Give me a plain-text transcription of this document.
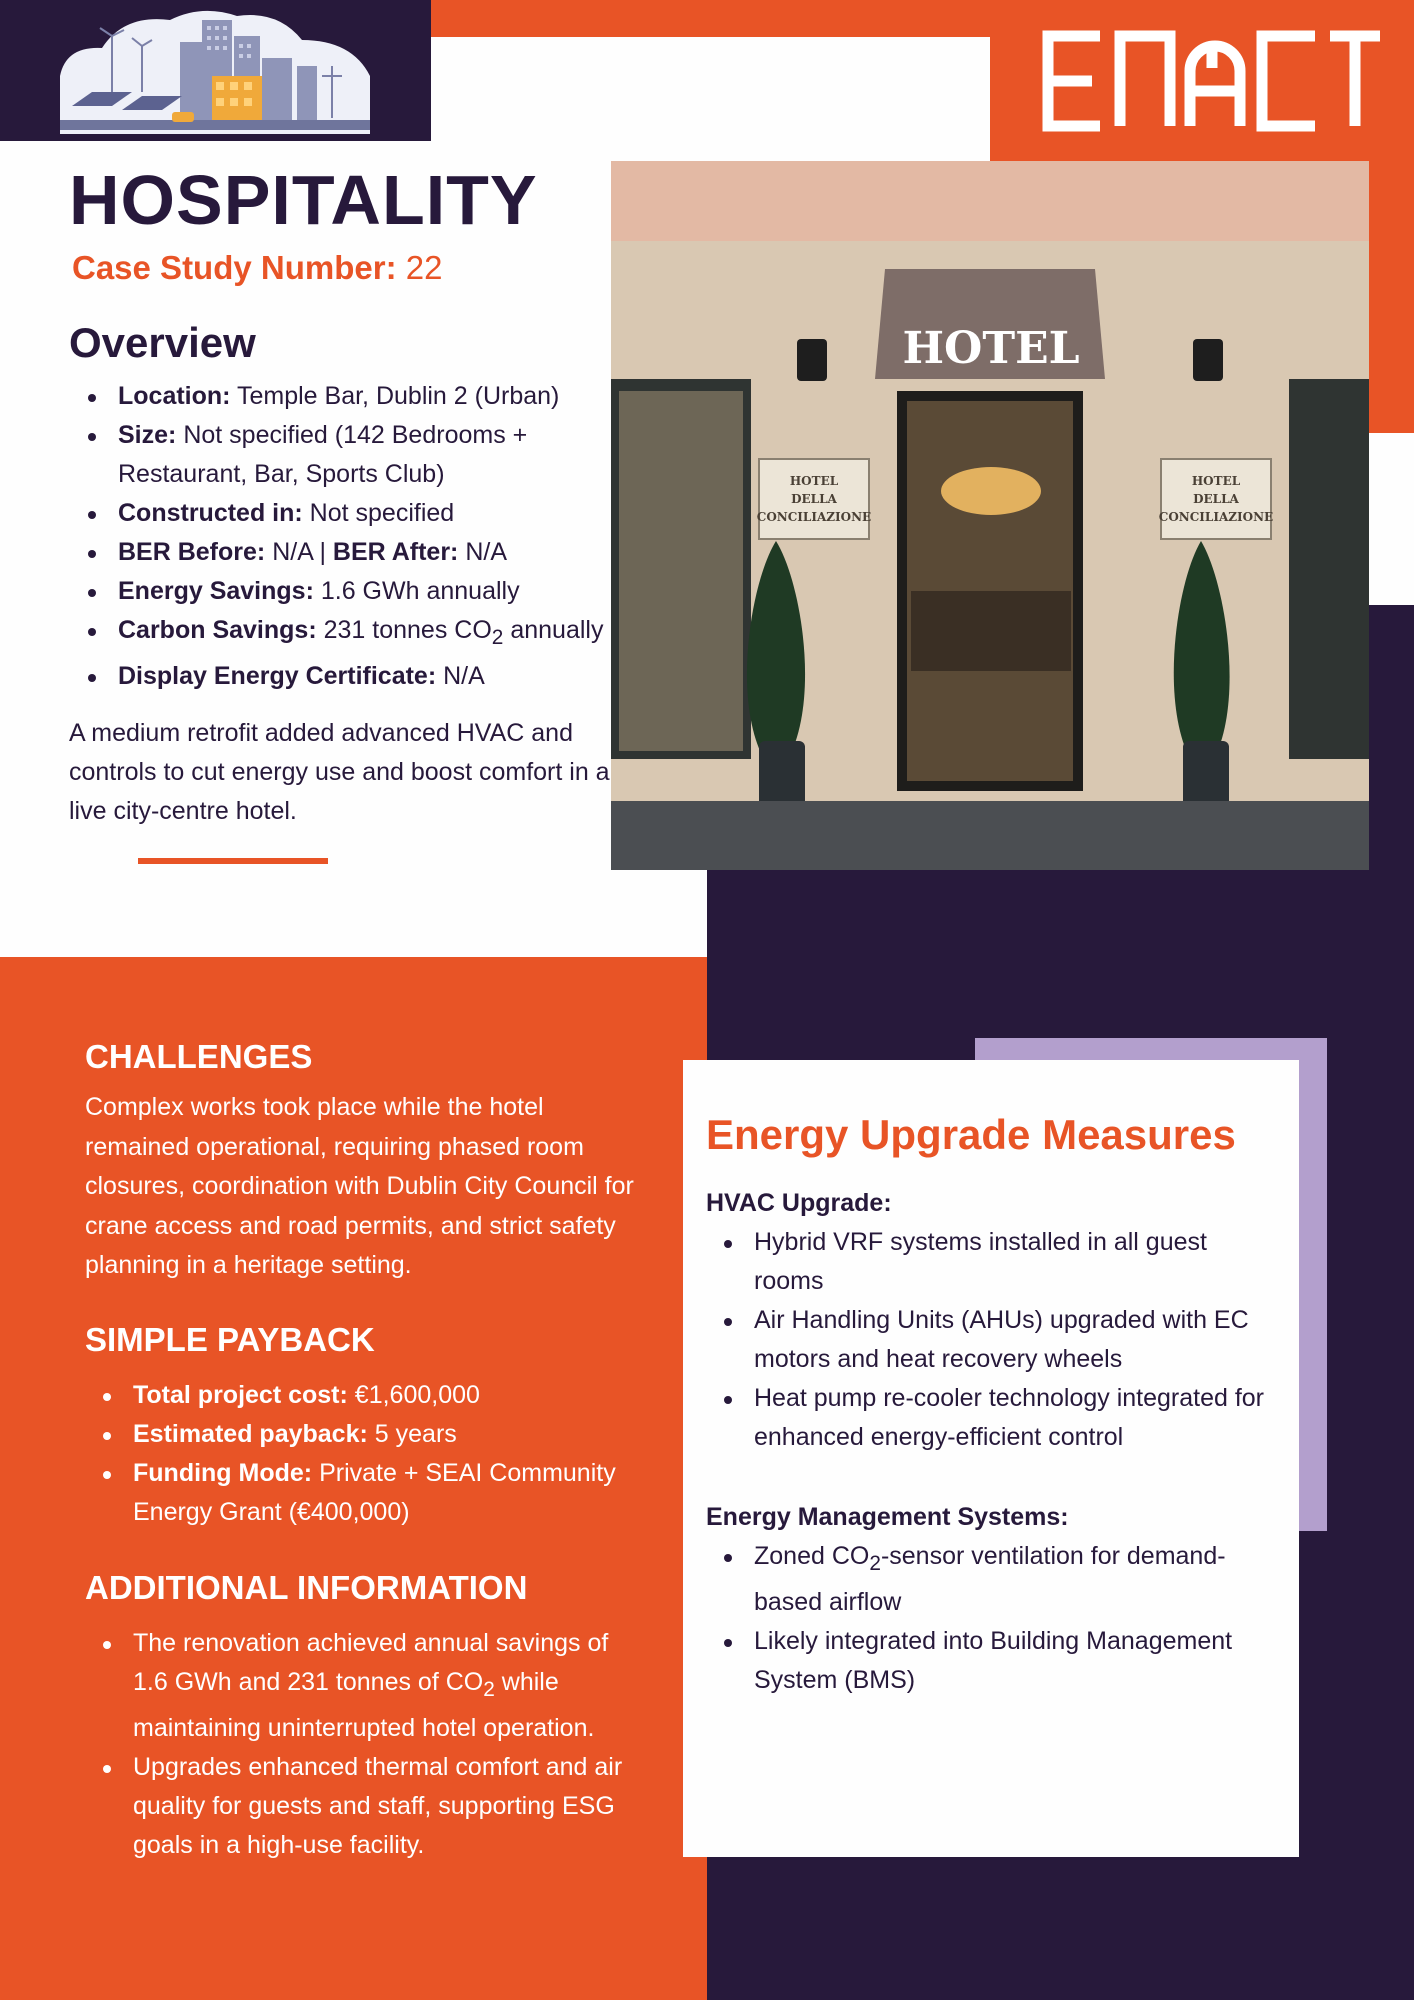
HOTEL
HOTEL
DELLA
CONCILIAZIONE
HOTEL
DELLA
CONCILIAZIONE
HOSPITALITY
Case Study Number: 22
Overview
Location: Temple Bar, Dublin 2 (Urban)
Size: Not specified (142 Bedrooms + Restaurant, Bar, Sports Club)
Constructed in: Not specified
BER Before: N/A | BER After: N/A
Energy Savings: 1.6 GWh annually
Carbon Savings: 231 tonnes $CO_2$ annually
Display Energy Certificate: N/A

A medium retrofit added advanced HVAC and controls to cut energy use and boost comfort in a live city-centre hotel.

CHALLENGES

Complex works took place while the hotel remained operational, requiring phased room closures, coordination with Dublin City Council for crane access and road permits, and strict safety planning in a heritage setting.

SIMPLE PAYBACK
Total project cost: €1,600,000
Estimated payback: 5 years
Funding Mode: Private + SEAI Community Energy Grant (€400,000)
ADDITIONAL INFORMATION
The renovation achieved annual savings of 1.6 GWh and 231 tonnes of $CO_2$ while maintaining uninterrupted hotel operation.
Upgrades enhanced thermal comfort and air quality for guests and staff, supporting ESG goals in a high-use facility.
Energy Upgrade Measures

HVAC Upgrade:

Hybrid VRF systems installed in all guest rooms
Air Handling Units (AHUs) upgraded with EC motors and heat recovery wheels
Heat pump re-cooler technology integrated for enhanced energy-efficient control

Energy Management Systems:

Zoned $CO_2$-sensor ventilation for demand-based airflow
Likely integrated into Building Management System (BMS)
